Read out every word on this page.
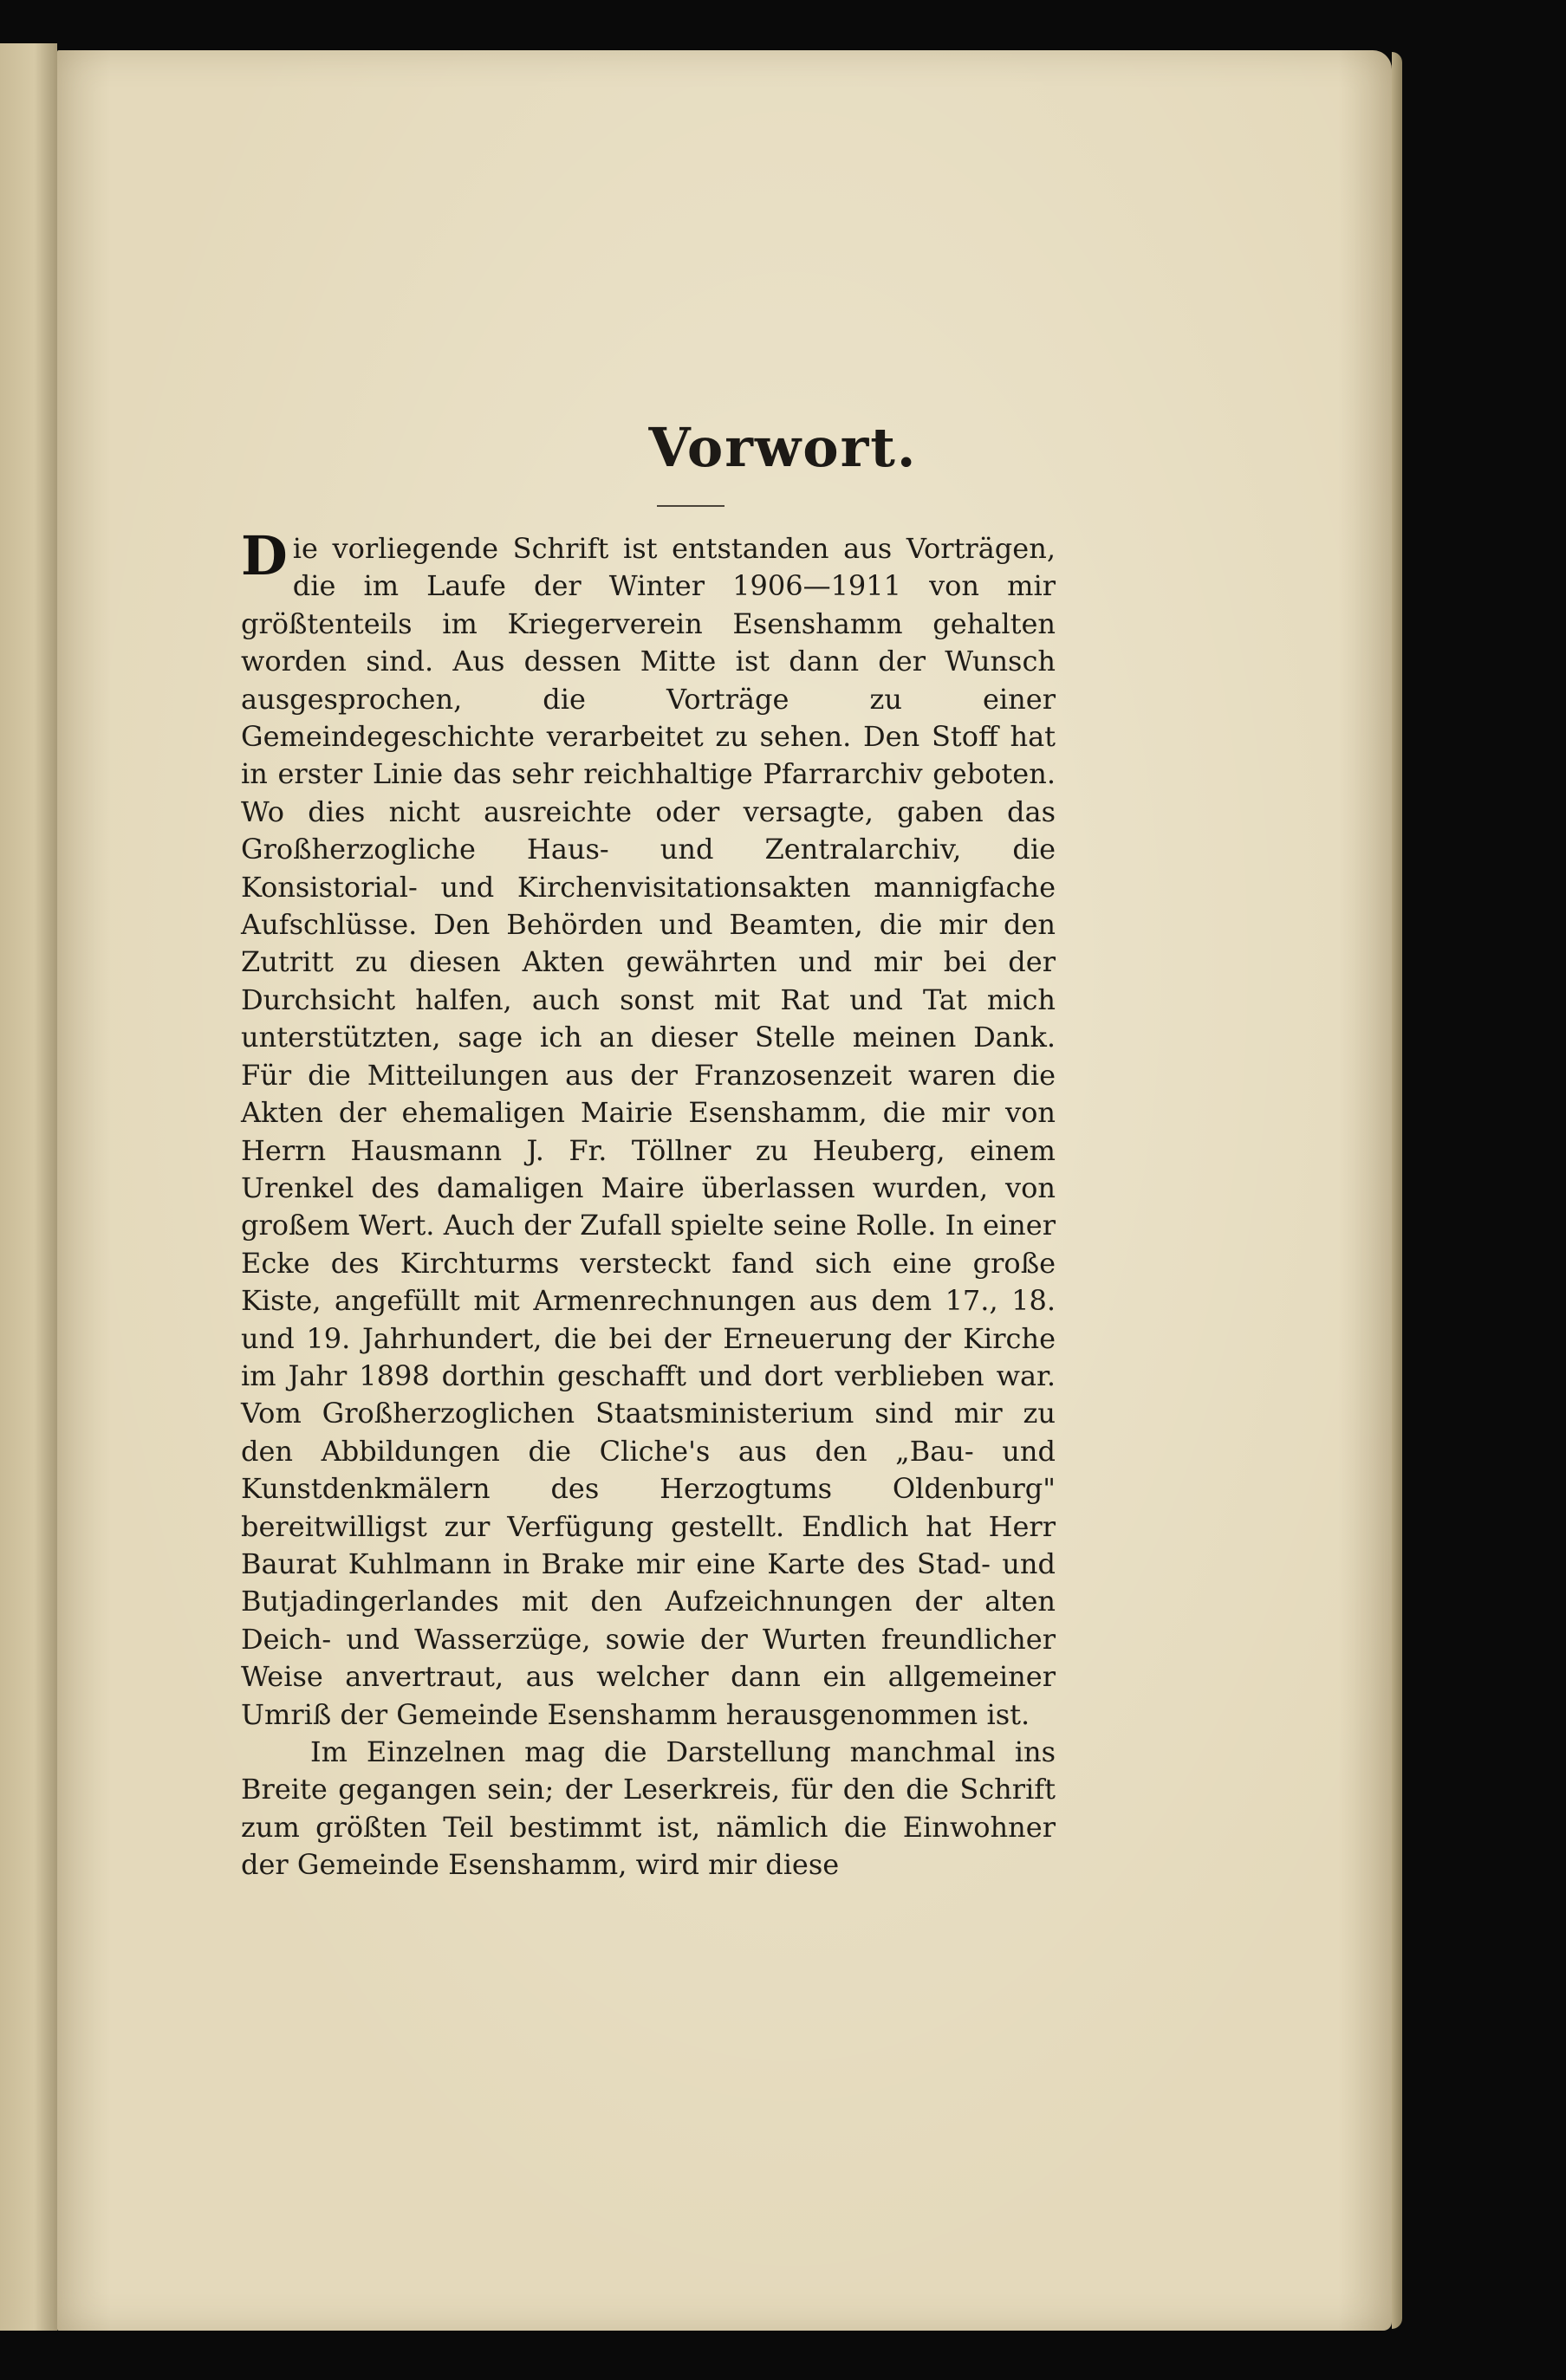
Vorwort.

Die vorliegende Schrift ist entstanden aus Vorträgen, die im Laufe der Winter 1906—1911 von mir größtenteils im Kriegerverein Esenshamm gehalten worden sind. Aus dessen Mitte ist dann der Wunsch ausgesprochen, die Vorträge zu einer Gemeindegeschichte verarbeitet zu sehen. Den Stoff hat in erster Linie das sehr reichhaltige Pfarrarchiv geboten. Wo dies nicht ausreichte oder versagte, gaben das Großherzogliche Haus- und Zentralarchiv, die Konsistorial- und Kirchenvisitationsakten mannigfache Aufschlüsse. Den Behörden und Beamten, die mir den Zutritt zu diesen Akten gewährten und mir bei der Durchsicht halfen, auch sonst mit Rat und Tat mich unterstützten, sage ich an dieser Stelle meinen Dank. Für die Mitteilungen aus der Franzosenzeit waren die Akten der ehemaligen Mairie Esenshamm, die mir von Herrn Hausmann J. Fr. Töllner zu Heuberg, einem Urenkel des damaligen Maire überlassen wurden, von großem Wert. Auch der Zufall spielte seine Rolle. In einer Ecke des Kirchturms versteckt fand sich eine große Kiste, angefüllt mit Armenrechnungen aus dem 17., 18. und 19. Jahrhundert, die bei der Erneuerung der Kirche im Jahr 1898 dorthin geschafft und dort verblieben war. Vom Großherzoglichen Staatsministerium sind mir zu den Abbildungen die Cliche's aus den „Bau- und Kunstdenkmälern des Herzogtums Oldenburg" bereitwilligst zur Verfügung gestellt. Endlich hat Herr Baurat Kuhlmann in Brake mir eine Karte des Stad- und Butjadingerlandes mit den Aufzeichnungen der alten Deich- und Wasserzüge, sowie der Wurten freundlicher Weise anvertraut, aus welcher dann ein allgemeiner Umriß der Gemeinde Esenshamm herausgenommen ist.

Im Einzelnen mag die Darstellung manchmal ins Breite gegangen sein; der Leserkreis, für den die Schrift zum größten Teil bestimmt ist, nämlich die Einwohner der Gemeinde Esenshamm, wird mir diese
